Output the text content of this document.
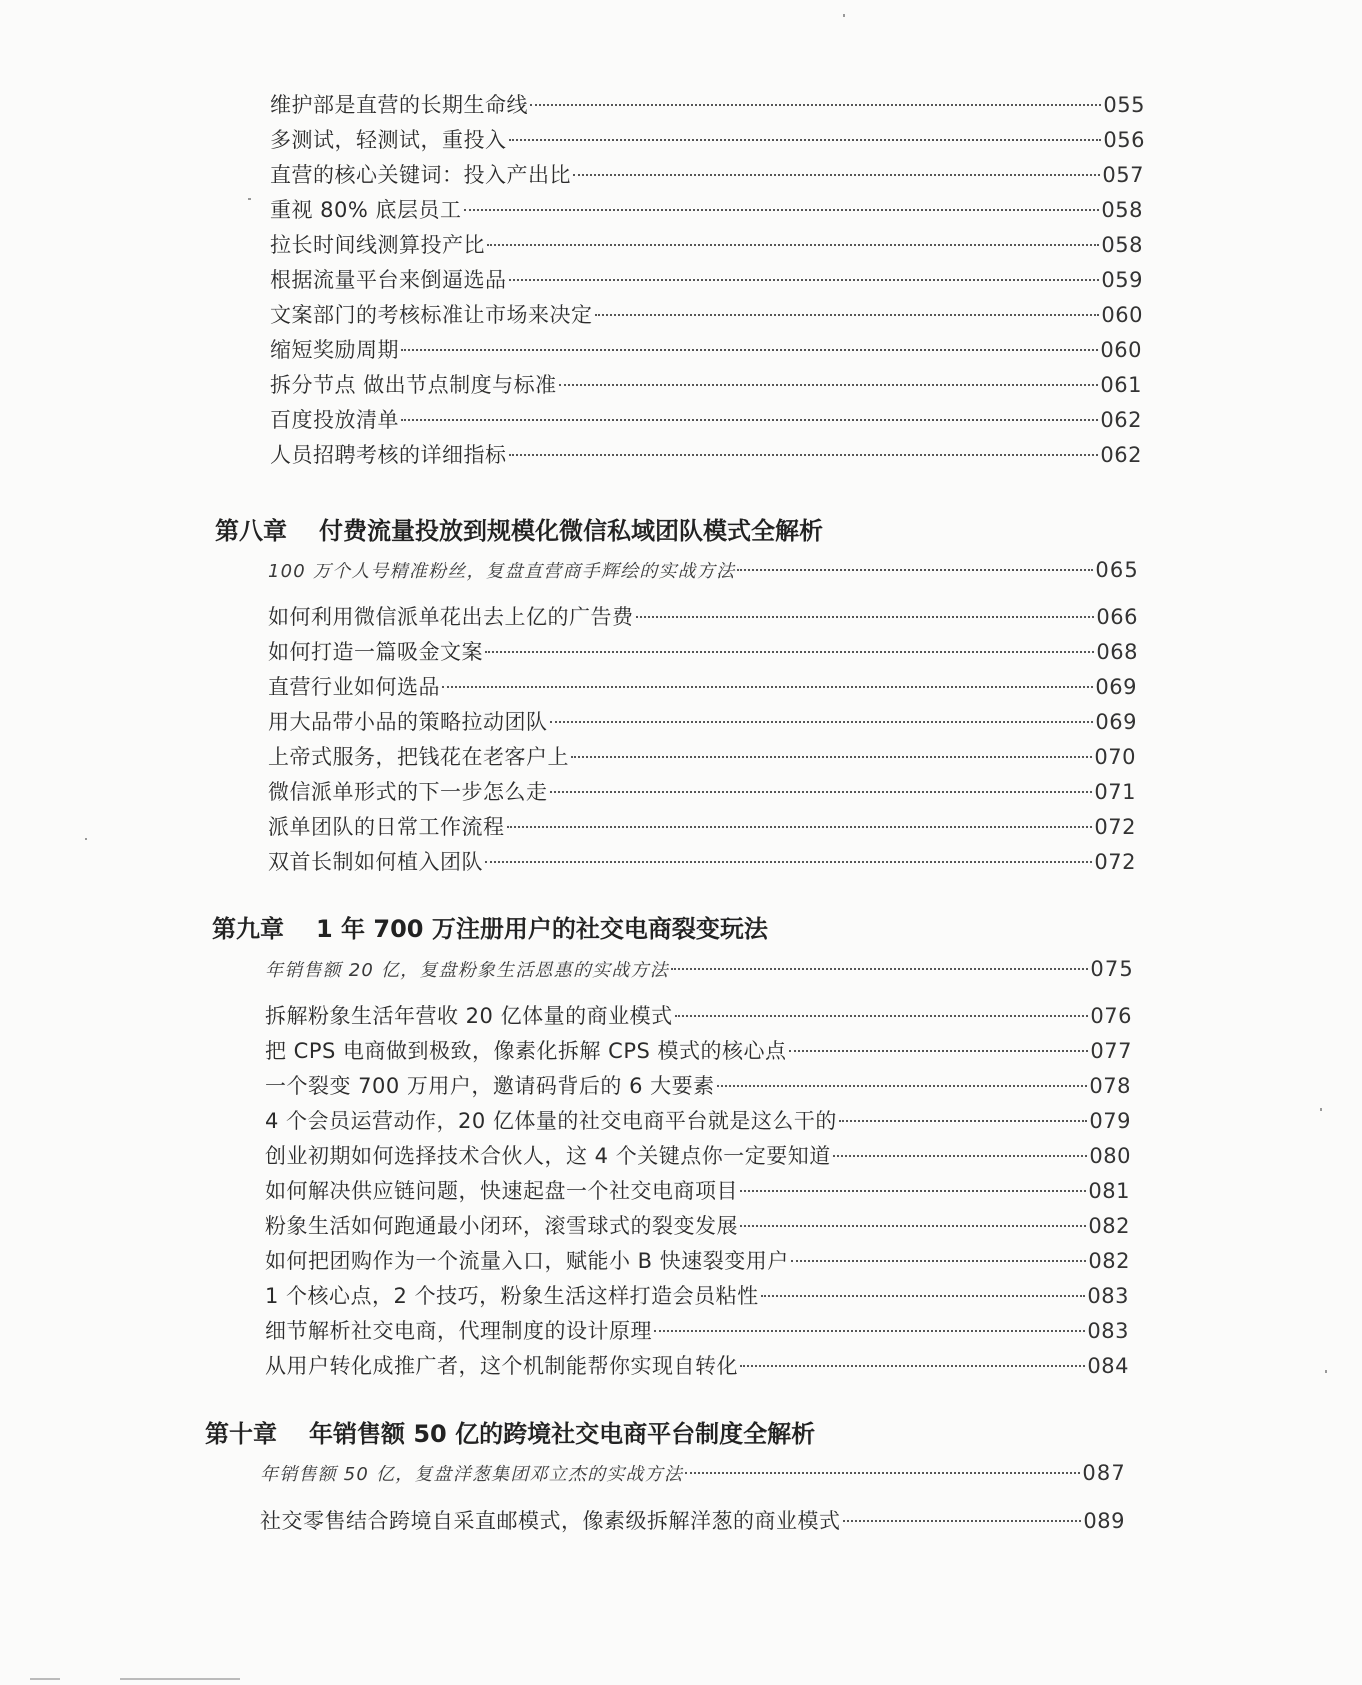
维护部是直营的长期生命线	055
多测试，轻测试，重投入	056
直营的核心关键词：投入产出比	057
重视 80% 底层员工	058
拉长时间线测算投产比	058
根据流量平台来倒逼选品	059
文案部门的考核标准让市场来决定	060
缩短奖励周期	060
拆分节点 做出节点制度与标准	061
百度投放清单	062
人员招聘考核的详细指标	062
第八章 付费流量投放到规模化微信私域团队模式全解析
100 万个人号精准粉丝，复盘直营商手辉绘的实战方法	065
如何利用微信派单花出去上亿的广告费	066
如何打造一篇吸金文案	068
直营行业如何选品	069
用大品带小品的策略拉动团队	069
上帝式服务，把钱花在老客户上	070
微信派单形式的下一步怎么走	071
派单团队的日常工作流程	072
双首长制如何植入团队	072
第九章 1 年 700 万注册用户的社交电商裂变玩法
年销售额 20 亿，复盘粉象生活恩惠的实战方法	075
拆解粉象生活年营收 20 亿体量的商业模式	076
把 CPS 电商做到极致，像素化拆解 CPS 模式的核心点	077
一个裂变 700 万用户，邀请码背后的 6 大要素	078
4 个会员运营动作，20 亿体量的社交电商平台就是这么干的	079
创业初期如何选择技术合伙人，这 4 个关键点你一定要知道	080
如何解决供应链问题，快速起盘一个社交电商项目	081
粉象生活如何跑通最小闭环，滚雪球式的裂变发展	082
如何把团购作为一个流量入口，赋能小 B 快速裂变用户	082
1 个核心点，2 个技巧，粉象生活这样打造会员粘性	083
细节解析社交电商，代理制度的设计原理	083
从用户转化成推广者，这个机制能帮你实现自转化	084
第十章 年销售额 50 亿的跨境社交电商平台制度全解析
年销售额 50 亿，复盘洋葱集团邓立杰的实战方法	087
社交零售结合跨境自采直邮模式，像素级拆解洋葱的商业模式	089
